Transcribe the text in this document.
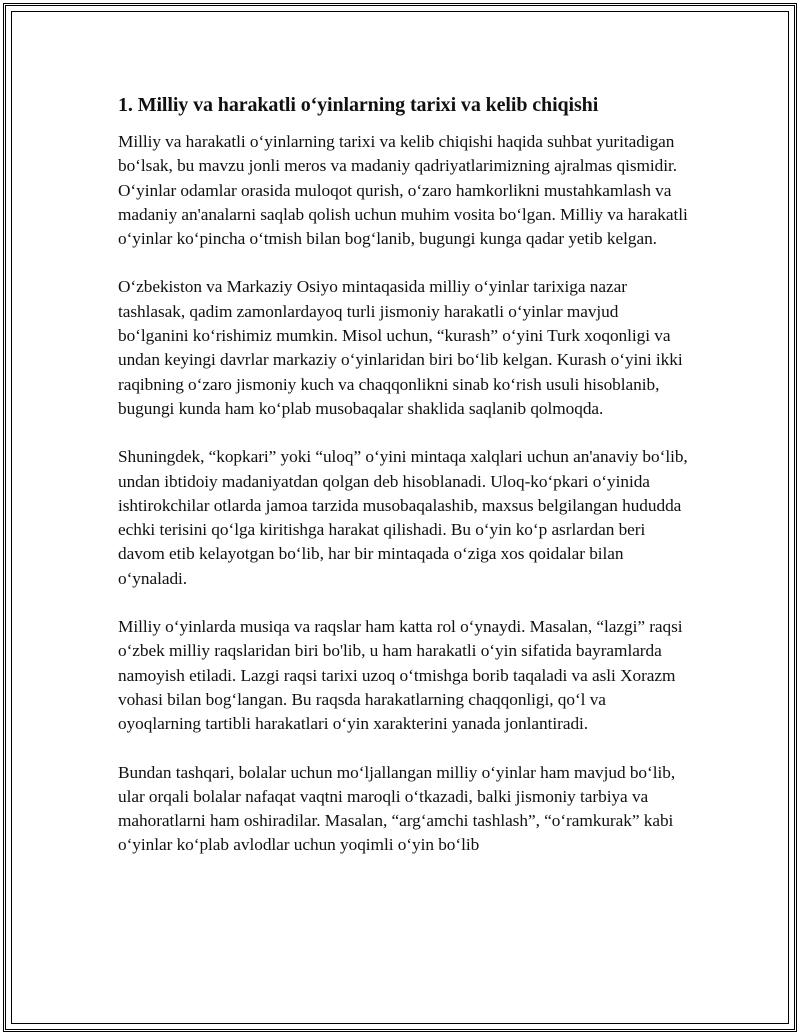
1. Milliy va harakatli o‘yinlarning tarixi va kelib chiqishi

Milliy va harakatli o‘yinlarning tarixi va kelib chiqishi haqida suhbat yuritadigan bo‘lsak, bu mavzu jonli meros va madaniy qadriyatlarimizning ajralmas qismidir. O‘yinlar odamlar orasida muloqot qurish, o‘zaro hamkorlikni mustahkamlash va madaniy an'analarni saqlab qolish uchun muhim vosita bo‘lgan. Milliy va harakatli o‘yinlar ko‘pincha o‘tmish bilan bog‘lanib, bugungi kunga qadar yetib kelgan.

O‘zbekiston va Markaziy Osiyo mintaqasida milliy o‘yinlar tarixiga nazar tashlasak, qadim zamonlardayoq turli jismoniy harakatli o‘yinlar mavjud bo‘lganini ko‘rishimiz mumkin. Misol uchun, “kurash” o‘yini Turk xoqonligi va undan keyingi davrlar markaziy o‘yinlaridan biri bo‘lib kelgan. Kurash o‘yini ikki raqibning o‘zaro jismoniy kuch va chaqqonlikni sinab ko‘rish usuli hisoblanib, bugungi kunda ham ko‘plab musobaqalar shaklida saqlanib qolmoqda.

Shuningdek, “kopkari” yoki “uloq” o‘yini mintaqa xalqlari uchun an'anaviy bo‘lib, undan ibtidoiy madaniyatdan qolgan deb hisoblanadi. Uloq-ko‘pkari o‘yinida ishtirokchilar otlarda jamoa tarzida musobaqalashib, maxsus belgilangan hududda echki terisini qo‘lga kiritishga harakat qilishadi. Bu o‘yin ko‘p asrlardan beri davom etib kelayotgan bo‘lib, har bir mintaqada o‘ziga xos qoidalar bilan o‘ynaladi.

Milliy o‘yinlarda musiqa va raqslar ham katta rol o‘ynaydi. Masalan, “lazgi” raqsi o‘zbek milliy raqslaridan biri bo'lib, u ham harakatli o‘yin sifatida bayramlarda namoyish etiladi. Lazgi raqsi tarixi uzoq o‘tmishga borib taqaladi va asli Xorazm vohasi bilan bog‘langan. Bu raqsda harakatlarning chaqqonligi, qo‘l va oyoqlarning tartibli harakatlari o‘yin xarakterini yanada jonlantiradi.

Bundan tashqari, bolalar uchun mo‘ljallangan milliy o‘yinlar ham mavjud bo‘lib, ular orqali bolalar nafaqat vaqtni maroqli o‘tkazadi, balki jismoniy tarbiya va mahoratlarni ham oshiradilar. Masalan, “arg‘amchi tashlash”, “o‘ramkurak” kabi o‘yinlar ko‘plab avlodlar uchun yoqimli o‘yin bo‘lib
